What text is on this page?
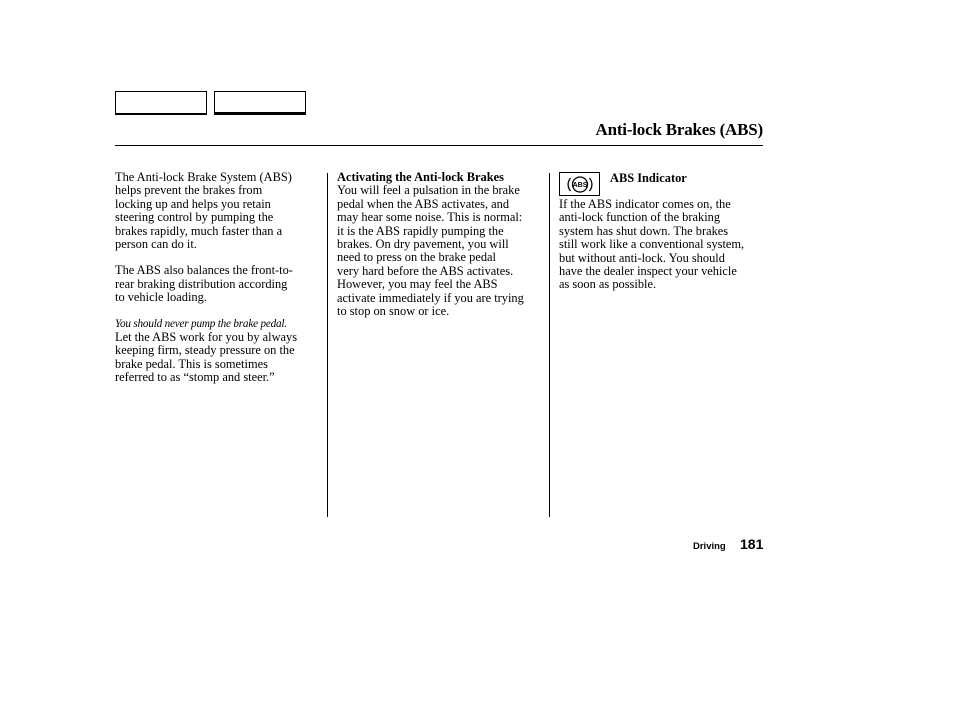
Anti-lock Brakes (ABS)

The Anti-lock Brake System (ABS)

helps prevent the brakes from

locking up and helps you retain

steering control by pumping the

brakes rapidly, much faster than a

person can do it.

The ABS also balances the front-to-

rear braking distribution according

to vehicle loading.

You should never pump the brake pedal.

Let the ABS work for you by always

keeping firm, steady pressure on the

brake pedal. This is sometimes

referred to as “stomp and steer.”

Activating the Anti-lock Brakes

You will feel a pulsation in the brake

pedal when the ABS activates, and

may hear some noise. This is normal:

it is the ABS rapidly pumping the

brakes. On dry pavement, you will

need to press on the brake pedal

very hard before the ABS activates.

However, you may feel the ABS

activate immediately if you are trying

to stop on snow or ice.

ABS
ABS Indicator

If the ABS indicator comes on, the

anti-lock function of the braking

system has shut down. The brakes

still work like a conventional system,

but without anti-lock. You should

have the dealer inspect your vehicle

as soon as possible.

Driving 181
